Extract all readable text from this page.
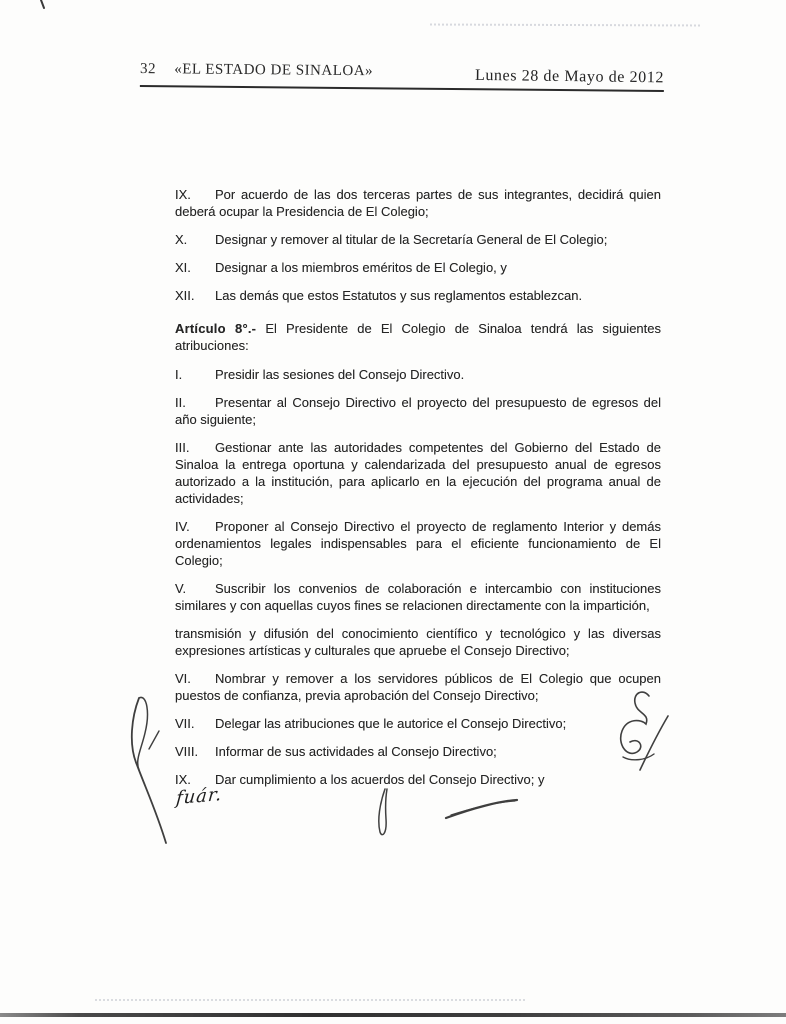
32 «EL ESTADO DE SINALOA»	Lunes 28 de Mayo de 2012

IX. Por acuerdo de las dos terceras partes de sus integrantes, decidirá quien deberá ocupar la Presidencia de El Colegio;

X. Designar y remover al titular de la Secretaría General de El Colegio;

XI. Designar a los miembros eméritos de El Colegio, y

XII. Las demás que estos Estatutos y sus reglamentos establezcan.

Artículo 8°.- El Presidente de El Colegio de Sinaloa tendrá las siguientes atribuciones:

I.	Presidir las sesiones del Consejo Directivo.

II. Presentar al Consejo Directivo el proyecto del presupuesto de egresos del año siguiente;

III. Gestionar ante las autoridades competentes del Gobierno del Estado de Sinaloa la entrega oportuna y calendarizada del presupuesto anual de egresos autorizado a la institución, para aplicarlo en la ejecución del programa anual de actividades;

IV. Proponer al Consejo Directivo el proyecto de reglamento Interior y demás ordenamientos legales indispensables para el eficiente funcionamiento de El Colegio;

V. Suscribir los convenios de colaboración e intercambio con instituciones similares y con aquellas cuyos fines se relacionen directamente con la impartición,

transmisión y difusión del conocimiento científico y tecnológico y las diversas expresiones artísticas y culturales que apruebe el Consejo Directivo;

VI. Nombrar y remover a los servidores públicos de El Colegio que ocupen puestos de confianza, previa aprobación del Consejo Directivo;

VII. Delegar las atribuciones que le autorice el Consejo Directivo;

VIII. Informar de sus actividades al Consejo Directivo;

IX. Dar cumplimiento a los acuerdos del Consejo Directivo; y

fuár.
